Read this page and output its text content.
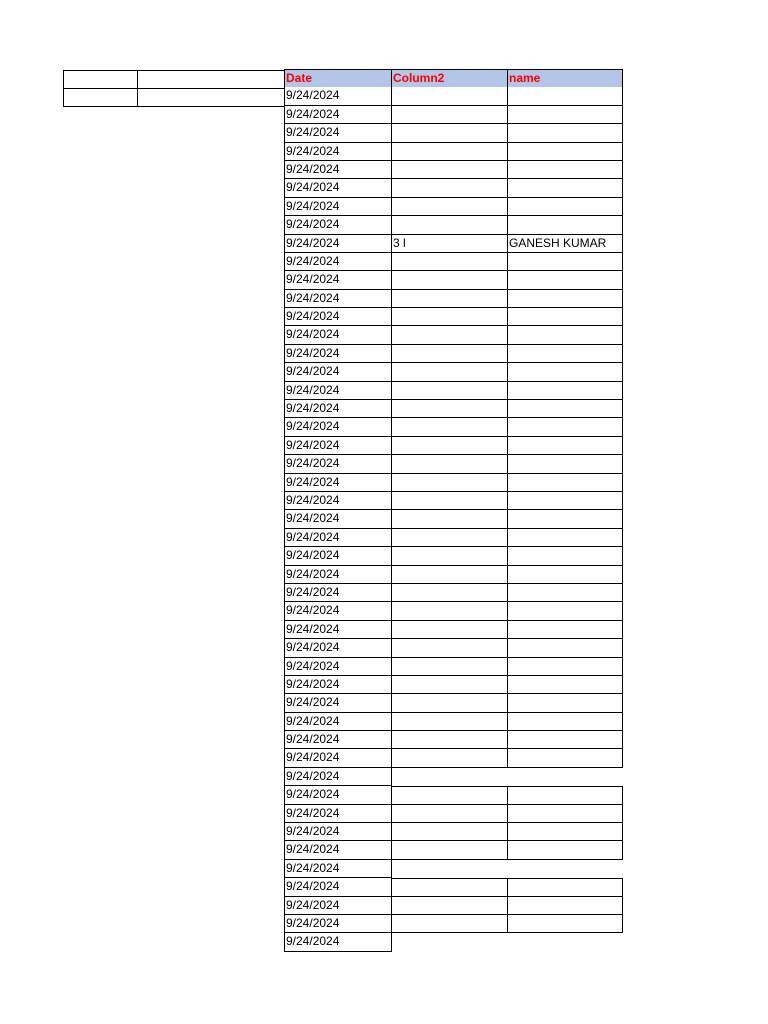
Date	Column2	name
9/24/2024
9/24/2024
9/24/2024
9/24/2024
9/24/2024
9/24/2024
9/24/2024
9/24/2024
9/24/2024	3 l	GANESH KUMAR
9/24/2024
9/24/2024
9/24/2024
9/24/2024
9/24/2024
9/24/2024
9/24/2024
9/24/2024
9/24/2024
9/24/2024
9/24/2024
9/24/2024
9/24/2024
9/24/2024
9/24/2024
9/24/2024
9/24/2024
9/24/2024
9/24/2024
9/24/2024
9/24/2024
9/24/2024
9/24/2024
9/24/2024
9/24/2024
9/24/2024
9/24/2024
9/24/2024
9/24/2024
9/24/2024
9/24/2024
9/24/2024
9/24/2024
9/24/2024
9/24/2024
9/24/2024
9/24/2024
9/24/2024
